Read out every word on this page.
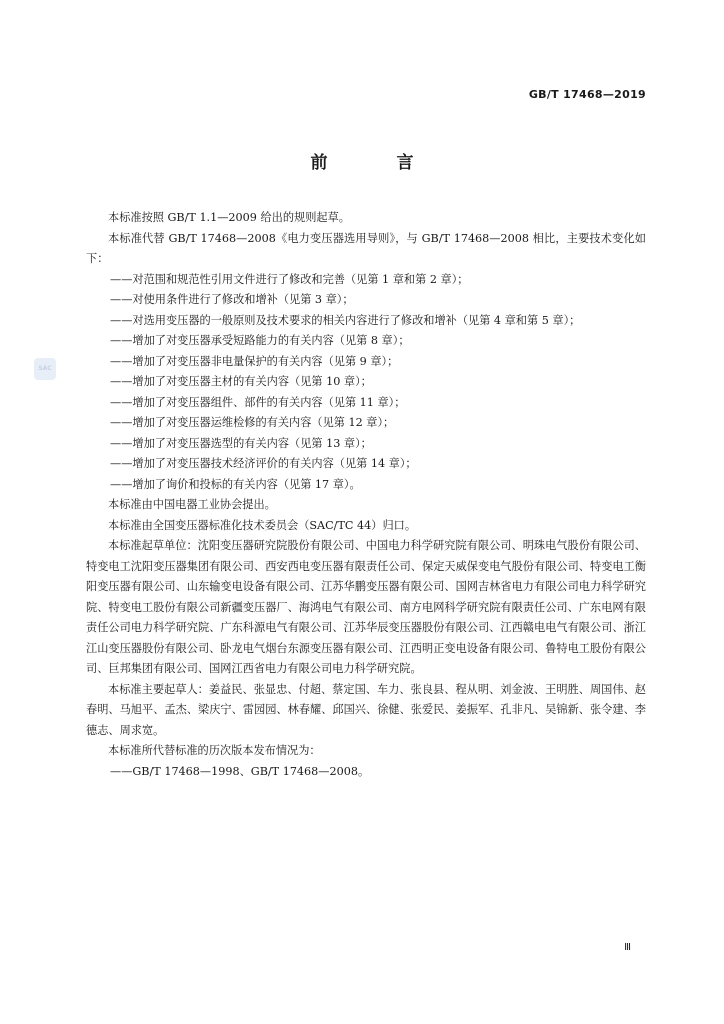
GB/T 17468—2019
前　言
SAC

本标准按照 GB/T 1.1—2009 给出的规则起草。

本标准代替 GB/T 17468—2008《电力变压器选用导则》，与 GB/T 17468—2008 相比，主要技术变化如下：

——对范围和规范性引用文件进行了修改和完善（见第 1 章和第 2 章）；

——对使用条件进行了修改和增补（见第 3 章）；

——对选用变压器的一般原则及技术要求的相关内容进行了修改和增补（见第 4 章和第 5 章）；

——增加了对变压器承受短路能力的有关内容（见第 8 章）；

——增加了对变压器非电量保护的有关内容（见第 9 章）；

——增加了对变压器主材的有关内容（见第 10 章）；

——增加了对变压器组件、部件的有关内容（见第 11 章）；

——增加了对变压器运维检修的有关内容（见第 12 章）；

——增加了对变压器选型的有关内容（见第 13 章）；

——增加了对变压器技术经济评价的有关内容（见第 14 章）；

——增加了询价和投标的有关内容（见第 17 章）。

本标准由中国电器工业协会提出。

本标准由全国变压器标准化技术委员会（SAC/TC 44）归口。

本标准起草单位：沈阳变压器研究院股份有限公司、中国电力科学研究院有限公司、明珠电气股份有限公司、特变电工沈阳变压器集团有限公司、西安西电变压器有限责任公司、保定天威保变电气股份有限公司、特变电工衡阳变压器有限公司、山东输变电设备有限公司、江苏华鹏变压器有限公司、国网吉林省电力有限公司电力科学研究院、特变电工股份有限公司新疆变压器厂、海鸿电气有限公司、南方电网科学研究院有限责任公司、广东电网有限责任公司电力科学研究院、广东科源电气有限公司、江苏华辰变压器股份有限公司、江西赣电电气有限公司、浙江江山变压器股份有限公司、卧龙电气烟台东源变压器有限公司、江西明正变电设备有限公司、鲁特电工股份有限公司、巨邦集团有限公司、国网江西省电力有限公司电力科学研究院。

本标准主要起草人：姜益民、张显忠、付超、蔡定国、车力、张良县、程从明、刘金波、王明胜、周国伟、赵春明、马旭平、孟杰、梁庆宁、雷园园、林春耀、邱国兴、徐健、张爱民、姜振军、孔非凡、吴锦新、张令建、李德志、周求宽。

本标准所代替标准的历次版本发布情况为：

——GB/T 17468—1998、GB/T 17468—2008。

Ⅲ
